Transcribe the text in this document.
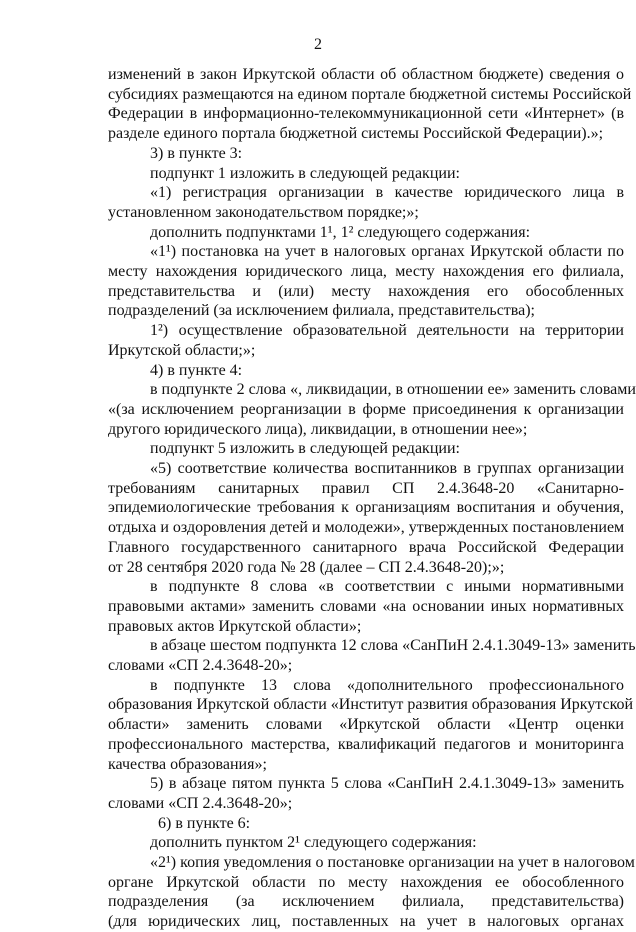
2
изменений в закон Иркутской области об областном бюджете) сведения о
субсидиях размещаются на едином портале бюджетной системы Российской
Федерации в информационно-телекоммуникационной сети «Интернет» (в
разделе единого портала бюджетной системы Российской Федерации).»;
3) в пункте 3:
подпункт 1 изложить в следующей редакции:
«1) регистрация организации в качестве юридического лица в
установленном законодательством порядке;»;
дополнить подпунктами 1¹, 1² следующего содержания:
«1¹) постановка на учет в налоговых органах Иркутской области по
месту нахождения юридического лица, месту нахождения его филиала,
представительства и (или) месту нахождения его обособленных
подразделений (за исключением филиала, представительства);
1²) осуществление образовательной деятельности на территории
Иркутской области;»;
4) в пункте 4:
в подпункте 2 слова «, ликвидации, в отношении ее» заменить словами
«(за исключением реорганизации в форме присоединения к организации
другого юридического лица), ликвидации, в отношении нее»;
подпункт 5 изложить в следующей редакции:
«5) соответствие количества воспитанников в группах организации
требованиям санитарных правил СП 2.4.3648-20 «Санитарно-
эпидемиологические требования к организациям воспитания и обучения,
отдыха и оздоровления детей и молодежи», утвержденных постановлением
Главного государственного санитарного врача Российской Федерации
от 28 сентября 2020 года № 28 (далее – СП 2.4.3648-20);»;
в подпункте 8 слова «в соответствии с иными нормативными
правовыми актами» заменить словами «на основании иных нормативных
правовых актов Иркутской области»;
в абзаце шестом подпункта 12 слова «СанПиН 2.4.1.3049-13» заменить
словами «СП 2.4.3648-20»;
в подпункте 13 слова «дополнительного профессионального
образования Иркутской области «Институт развития образования Иркутской
области» заменить словами «Иркутской области «Центр оценки
профессионального мастерства, квалификаций педагогов и мониторинга
качества образования»;
5) в абзаце пятом пункта 5 слова «СанПиН 2.4.1.3049-13» заменить
словами «СП 2.4.3648-20»;
6) в пункте 6:
дополнить пунктом 2¹ следующего содержания:
«2¹) копия уведомления о постановке организации на учет в налоговом
органе Иркутской области по месту нахождения ее обособленного
подразделения (за исключением филиала, представительства)
(для юридических лиц, поставленных на учет в налоговых органах
